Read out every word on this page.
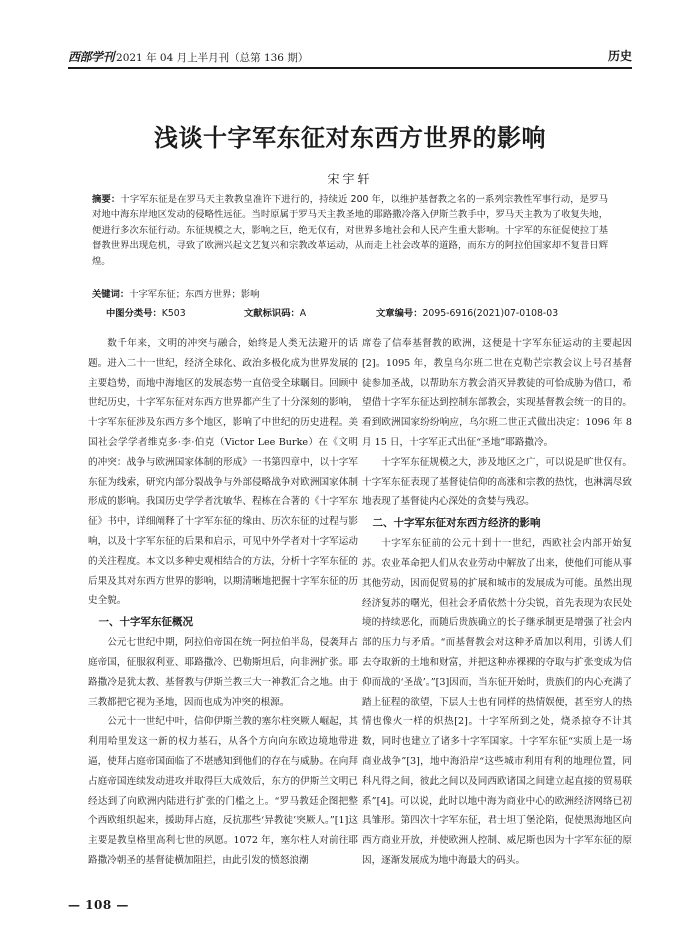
西部学刊 2021 年 04 月上半月刊（总第 136 期）	历史
浅谈十字军东征对东西方世界的影响
宋宇轩
摘要：十字军东征是在罗马天主教教皇准许下进行的，持续近 200 年，以维护基督教之名的一系列宗教性军事行动，是罗马对地中海东岸地区发动的侵略性远征。当时原属于罗马天主教圣地的耶路撒冷落入伊斯兰教手中，罗马天主教为了收复失地，便进行多次东征行动。东征规模之大，影响之巨，绝无仅有，对世界多地社会和人民产生重大影响。十字军的东征促使拉丁基督教世界出现危机，寻致了欧洲兴起文艺复兴和宗教改革运动，从而走上社会改革的道路，而东方的阿拉伯国家却不复昔日辉煌。
关键词：十字军东征；东西方世界；影响
中图分类号：K503	文献标识码：A	文章编号：2095-6916(2021)07-0108-03

数千年来，文明的冲突与融合，始终是人类无法避开的话题。进入二十一世纪，经济全球化、政治多极化成为世界发展的主要趋势，而地中海地区的发展态势一直倍受全球瞩目。回顾中世纪历史，十字军东征对东西方世界都产生了十分深刻的影响，十字军东征涉及东西方多个地区，影响了中世纪的历史进程。美国社会学学者维克多·李·伯克（Victor Lee Burke）在《文明的冲突：战争与欧洲国家体制的形成》一书第四章中，以十字军东征为线索，研究内部分裂战争与外部侵略战争对欧洲国家体制形成的影响。我国历史学学者沈敏华、程栋在合著的《十字军东征》书中，详细阐释了十字军东征的缘由、历次东征的过程与影响，以及十字军东征的后果和启示，可见中外学者对十字军运动的关注程度。本文以多种史观相结合的方法，分析十字军东征的后果及其对东西方世界的影响，以期清晰地把握十字军东征的历史全貌。

一、十字军东征概况

公元七世纪中期，阿拉伯帝国在统一阿拉伯半岛，侵袭拜占庭帝国，征服叙利亚、耶路撒冷、巴勒斯坦后，向非洲扩张。耶路撒冷是犹太教、基督教与伊斯兰教三大一神教汇合之地。由于三教都把它视为圣地，因而也成为冲突的根源。

公元十一世纪中叶，信仰伊斯兰教的塞尔柱突厥人崛起，其利用哈里发这一新的权力基石，从各个方向向东欧边境地带进逼，使拜占庭帝国面临了不堪感知到他们的存在与威胁。在向拜占庭帝国连续发动进攻并取得巨大成效后，东方的伊斯兰文明已经达到了向欧洲内陆进行扩张的门槛之上。“罗马教廷企图把整个西欧组织起来，援助拜占庭，反抗那些‘异教徒’突厥人。”[1]这主要是教皇格里高利七世的夙愿。1072 年，塞尔柱人对前往耶路撒冷朝圣的基督徒横加阻拦，由此引发的愤怒浪潮

席卷了信奉基督教的欧洲，这便是十字军东征运动的主要起因[2]。1095 年，教皇乌尔班二世在克勒芒宗教会议上号召基督徒参加圣战，以帮助东方教会消灭异教徒的可恰成胁为借口，希望借十字军东征达到控制东部教会，实现基督教会统一的目的。看到欧洲国家纷纷响应，乌尔班二世正式做出决定：1096 年 8 月 15 日，十字军正式出征“圣地”耶路撒冷。

十字军东征规模之大，涉及地区之广，可以说是旷世仅有。十字军东征表现了基督徒信仰的高涨和宗教的热忱，也淋漓尽致地表现了基督徒内心深处的贪婪与残忍。

二、十字军东征对东西方经济的影响

十字军东征前的公元十到十一世纪，西欧社会内部开始复苏。农业革命把人们从农业劳动中解放了出来，使他们可能从事其他劳动，因而促贸易的扩展和城市的发展成为可能。虽然出现经济复苏的曙光，但社会矛盾依然十分尖锐，首先表现为农民处境的持续恶化，而随后贵族确立的长子继承制更是增强了社会内部的压力与矛盾。“而基督教会对这种矛盾加以利用，引诱人们去夺取新的土地和财富，并把这种赤裸裸的夺取与扩张变成为信仰而战的‘圣战’。”[3]因而，当东征开始时，贵族们的内心充满了踏上征程的欲望，下层人士也有同样的热情娱便，甚至穷人的热情也像火一样的炽热[2]。十字军所到之处，烧杀掠夺不计其数，同时也建立了诸多十字军国家。十字军东征“实质上是一场商业战争”[3]，地中海沿岸“这些城市利用有利的地理位置，同科凡得之间，彼此之间以及同西欧诸国之间建立起直接的贸易联系”[4]。可以说，此时以地中海为商业中心的欧洲经济网络已初具雏形。第四次十字军东征，君士坦丁堡沦陷，促使黑海地区向西方商业开放，并使欧洲人控制、威尼斯也因为十字军东征的原因，逐渐发展成为地中海最大的码头。

— 108 —
